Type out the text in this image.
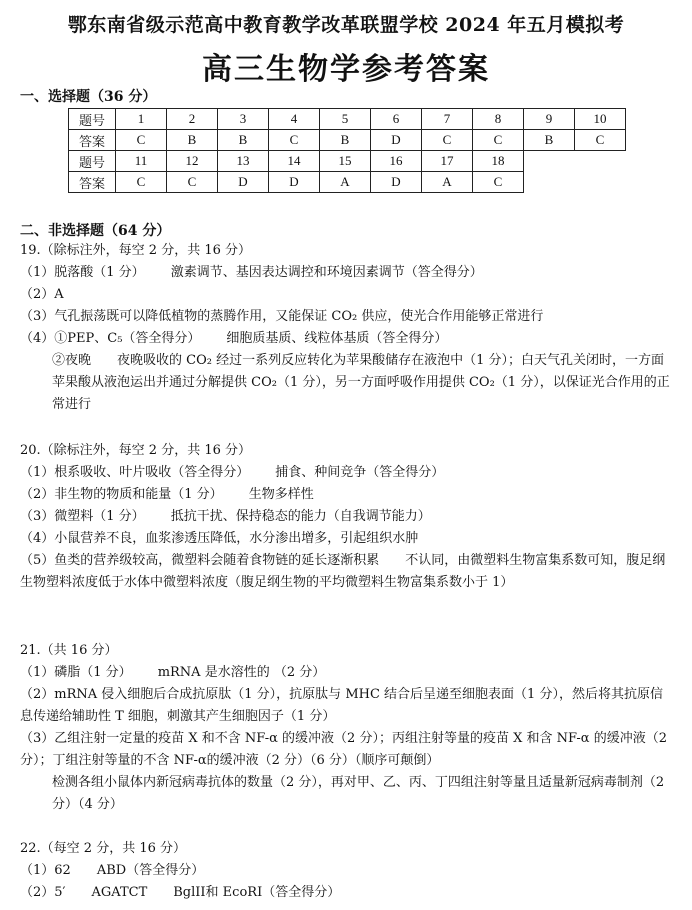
鄂东南省级示范高中教育教学改革联盟学校 2024 年五月模拟考
高三生物学参考答案
一、选择题（36 分）
题号	1	2	3	4	5	6	7	8	9	10
答案	C	B	B	C	B	D	C	C	B	C
题号	11	12	13	14	15	16	17	18		
答案	C	C	D	D	A	D	A	C		
二、非选择题（64 分）
19.（除标注外，每空 2 分，共 16 分）
（1）脱落酸（1 分） 激素调节、基因表达调控和环境因素调节（答全得分）
（2）A
（3）气孔振荡既可以降低植物的蒸腾作用，又能保证 CO₂ 供应，使光合作用能够正常进行
（4）①PEP、C₅（答全得分） 细胞质基质、线粒体基质（答全得分）
②夜晚 夜晚吸收的 CO₂ 经过一系列反应转化为苹果酸储存在液泡中（1 分）；白天气孔关闭时，一方面苹果酸从液泡运出并通过分解提供 CO₂（1 分），另一方面呼吸作用提供 CO₂（1 分），以保证光合作用的正常进行
20.（除标注外，每空 2 分，共 16 分）
（1）根系吸收、叶片吸收（答全得分） 捕食、种间竞争（答全得分）
（2）非生物的物质和能量（1 分） 生物多样性
（3）微塑料（1 分） 抵抗干扰、保持稳态的能力（自我调节能力）
（4）小鼠营养不良，血浆渗透压降低，水分渗出增多，引起组织水肿
（5）鱼类的营养级较高，微塑料会随着食物链的延长逐渐积累 不认同，由微塑料生物富集系数可知，腹足纲生物塑料浓度低于水体中微塑料浓度（腹足纲生物的平均微塑料生物富集系数小于 1）
21.（共 16 分）
（1）磷脂（1 分） mRNA 是水溶性的 （2 分）
（2）mRNA 侵入细胞后合成抗原肽（1 分），抗原肽与 MHC 结合后呈递至细胞表面（1 分），然后将其抗原信息传递给辅助性 T 细胞，刺激其产生细胞因子（1 分）
（3）乙组注射一定量的疫苗 X 和不含 NF-α 的缓冲液（2 分）；丙组注射等量的疫苗 X 和含 NF-α 的缓冲液（2 分）；丁组注射等量的不含 NF-α的缓冲液（2 分）（6 分）（顺序可颠倒）
检测各组小鼠体内新冠病毒抗体的数量（2 分），再对甲、乙、丙、丁四组注射等量且适量新冠病毒制剂（2 分）（4 分）
22.（每空 2 分，共 16 分）
（1）62 ABD（答全得分）
（2）5′ AGATCT BglII和 EcoRI（答全得分）
